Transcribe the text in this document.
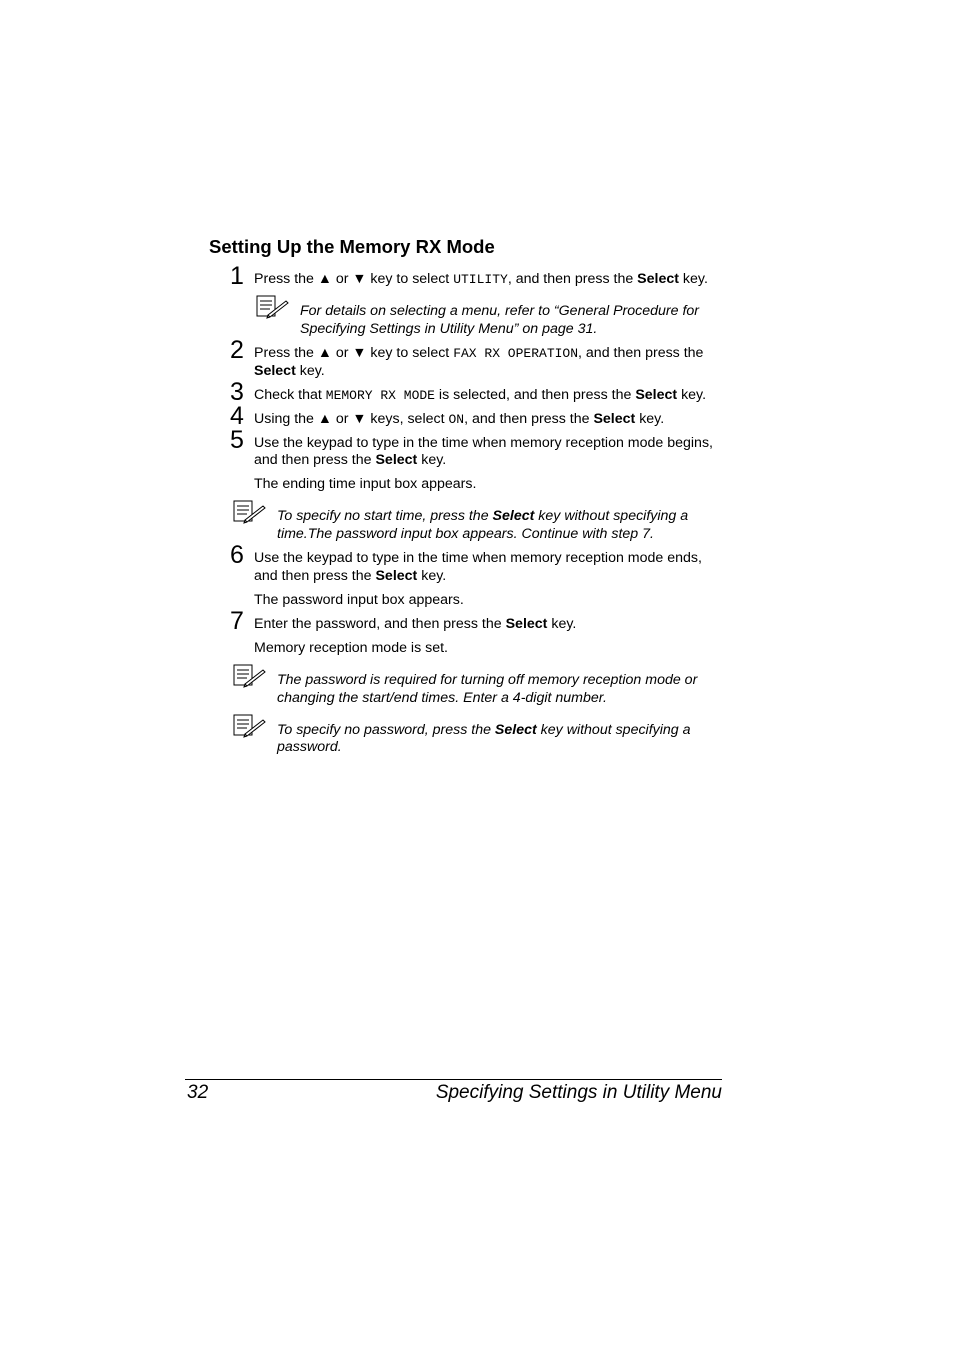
Setting Up the Memory RX Mode
1 Press the ▲ or ▼ key to select UTILITY, and then press the Select key.
For details on selecting a menu, refer to “General Procedure for
Specifying Settings in Utility Menu” on page 31.
2 Press the ▲ or ▼ key to select FAX RX OPERATION, and then press the
Select key.
3 Check that MEMORY RX MODE is selected, and then press the Select key.
4 Using the ▲ or ▼ keys, select ON, and then press the Select key.
5 Use the keypad to type in the time when memory reception mode begins,
and then press the Select key.
The ending time input box appears.
To specify no start time, press the Select key without specifying a
time.The password input box appears. Continue with step 7.
6 Use the keypad to type in the time when memory reception mode ends,
and then press the Select key.
The password input box appears.
7 Enter the password, and then press the Select key.
Memory reception mode is set.
The password is required for turning off memory reception mode or
changing the start/end times. Enter a 4-digit number.
To specify no password, press the Select key without specifying a
password.
32	Specifying Settings in Utility Menu
